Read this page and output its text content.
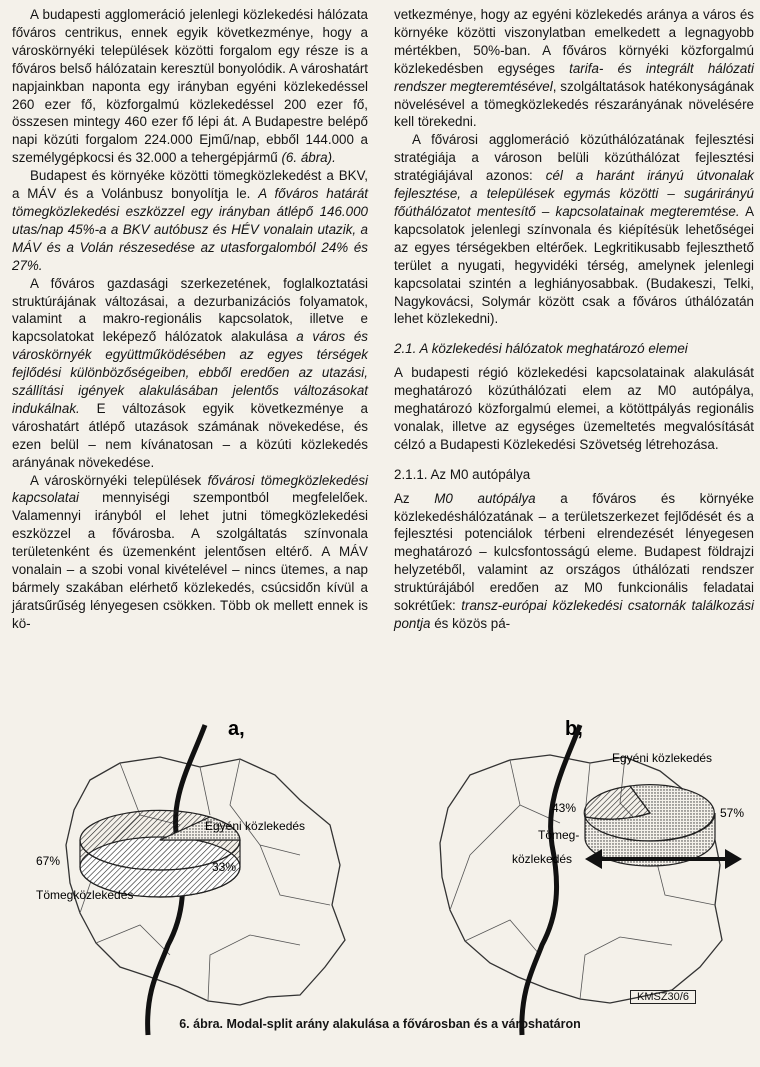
A budapesti agglomeráció jelenlegi közlekedési hálózata főváros centrikus, ennek egyik következménye, hogy a városkörnyéki települések közötti forgalom egy része is a főváros belső hálózatain keresztül bonyolódik. A városhatárt napjainkban naponta egy irányban egyéni közlekedéssel 260 ezer fő, közforgalmú közlekedéssel 200 ezer fő, összesen mintegy 460 ezer fő lépi át. A Budapestre belépő napi közúti forgalom 224.000 Ejmű/nap, ebből 144.000 a személygépkocsi és 32.000 a tehergépjármű (6. ábra).

Budapest és környéke közötti tömegközlekedést a BKV, a MÁV és a Volánbusz bonyolítja le. A főváros határát tömegközlekedési eszközzel egy irányban átlépő 146.000 utas/nap 45%-a a BKV autóbusz és HÉV vonalain utazik, a MÁV és a Volán részesedése az utasforgalomból 24% és 27%.

A főváros gazdasági szerkezetének, foglalkoztatási struktúrájának változásai, a dezurbanizációs folyamatok, valamint a makro-regionális kapcsolatok, illetve e kapcsolatokat leképező hálózatok alakulása a város és városkörnyék együttműködésében az egyes térségek fejlődési különbözőségeiben, ebből eredően az utazási, szállítási igények alakulásában jelentős változásokat indukálnak. E változások egyik következménye a városhatárt átlépő utazások számának növekedése, és ezen belül – nem kívánatosan – a közúti közlekedés arányának növekedése.

A városkörnyéki települések fővárosi tömegközlekedési kapcsolatai mennyiségi szempontból megfelelőek. Valamennyi irányból el lehet jutni tömegközlekedési eszközzel a fővárosba. A szolgáltatás színvonala területenként és üzemenként jelentősen eltérő. A MÁV vonalain – a szobi vonal kivételével – nincs ütemes, a nap bármely szakában elérhető közlekedés, csúcsidőn kívül a járatsűrűség lényegesen csökken. Több ok mellett ennek is kö-

vetkezménye, hogy az egyéni közlekedés aránya a város és környéke közötti viszonylatban emelkedett a legnagyobb mértékben, 50%-ban. A főváros környéki közforgalmú közlekedésben egységes tarifa- és integrált hálózati rendszer megteremtésével, szolgáltatások hatékonyságának növelésével a tömegközlekedés részarányának növelésére kell törekedni.

A fővárosi agglomeráció közúthálózatának fejlesztési stratégiája a városon belüli közúthálózat fejlesztési stratégiájával azonos: cél a haránt irányú útvonalak fejlesztése, a települések egymás közötti – sugárirányú főúthálózatot mentesítő – kapcsolatainak megteremtése. A kapcsolatok jelenlegi színvonala és kiépítésük lehetőségei az egyes térségekben eltérőek. Legkritikusabb fejleszthető terület a nyugati, hegyvidéki térség, amelynek jelenlegi kapcsolatai szintén a leghiányosabbak. (Budakeszi, Telki, Nagykovácsi, Solymár között csak a főváros úthálózatán lehet közlekedni).

2.1. A közlekedési hálózatok meghatározó elemei

A budapesti régió közlekedési kapcsolatainak alakulását meghatározó közúthálózati elem az M0 autópálya, meghatározó közforgalmú elemei, a kötöttpályás regionális vonalak, illetve az egységes üzemeltetés megvalósítását célzó a Budapesti Közlekedési Szövetség létrehozása.

2.1.1. Az M0 autópálya

Az M0 autópálya a főváros és környéke közlekedéshálózatának – a területszerkezet fejlődését és a fejlesztési potenciálok térbeni elrendezését lényegesen meghatározó – kulcsfontosságú eleme. Budapest földrajzi helyzetéből, valamint az országos úthálózati rendszer struktúrájából eredően az M0 funkcionális feladatai sokrétűek: transz-európai közlekedési csatornák találkozási pontja és közös pá-

a,
Egyéni közlekedés
33%
67%
Tömegközlekedés
b,
Egyéni közlekedés
57%
43%
Tömeg-
közlekedés
KMSZ30/6
6. ábra. Modal-split arány alakulása a fővárosban és a városhatáron
